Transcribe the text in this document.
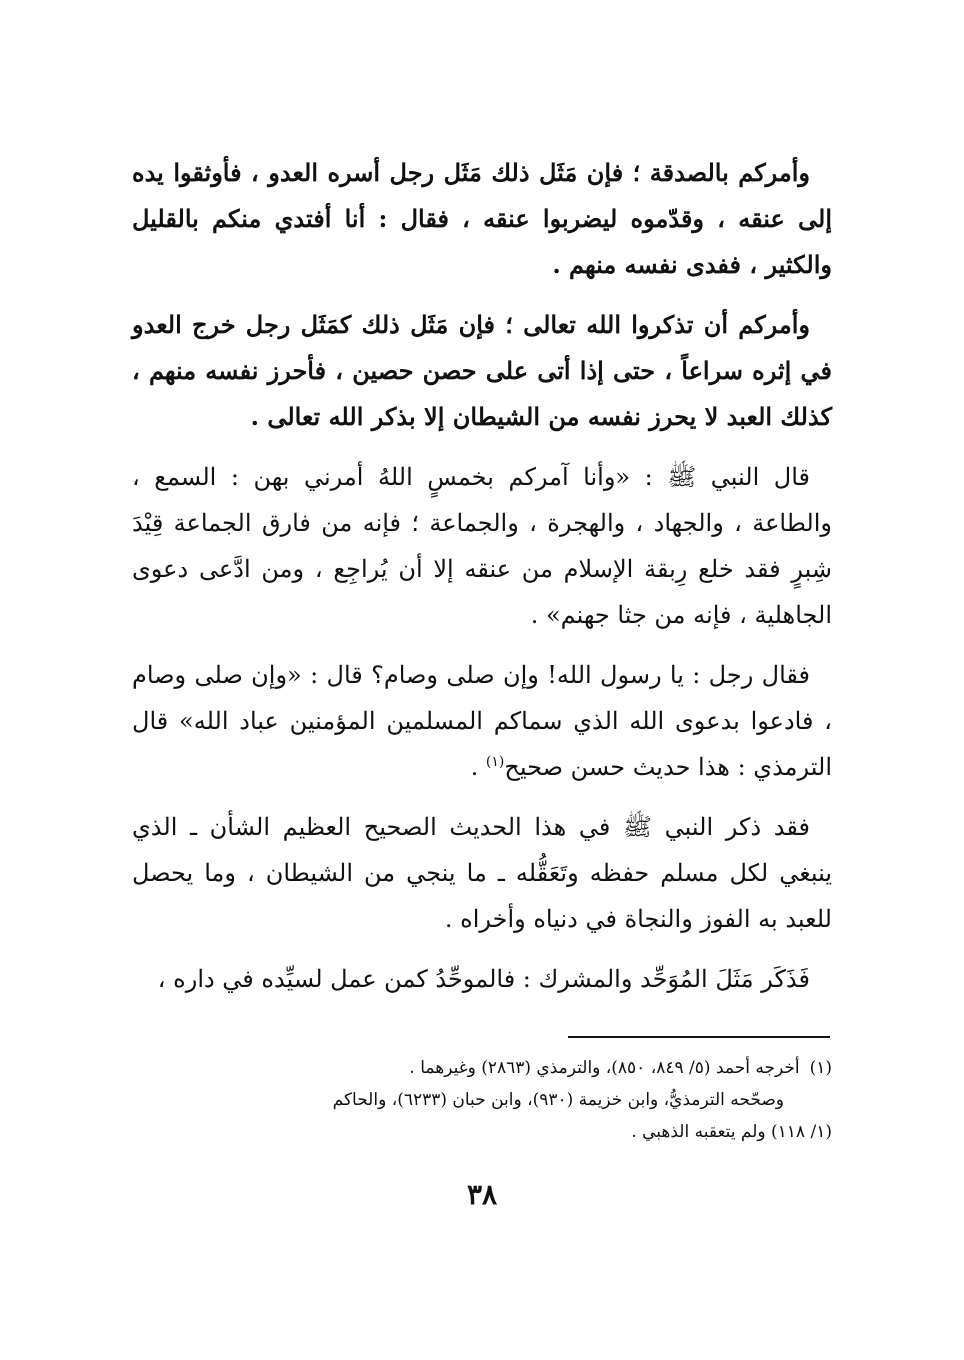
وأمركم بالصدقة ؛ فإن مَثَل ذلك مَثَل رجل أسره العدو ، فأوثقوا يده إلى عنقه ، وقدّموه ليضربوا عنقه ، فقال : أنا أفتدي منكم بالقليل والكثير ، ففدى نفسه منهم .

وأمركم أن تذكروا الله تعالى ؛ فإن مَثَل ذلك كمَثَل رجل خرج العدو في إثره سراعاً ، حتى إذا أتى على حصن حصين ، فأحرز نفسه منهم ، كذلك العبد لا يحرز نفسه من الشيطان إلا بذكر الله تعالى .

قال النبي ﷺ : «وأنا آمركم بخمسٍ اللهُ أمرني بهن : السمع ، والطاعة ، والجهاد ، والهجرة ، والجماعة ؛ فإنه من فارق الجماعة قِيْدَ شِبرٍ فقد خلع رِبقة الإسلام من عنقه إلا أن يُراجِع ، ومن ادَّعى دعوى الجاهلية ، فإنه من جثا جهنم» .

فقال رجل : يا رسول الله! وإن صلى وصام؟ قال : «وإن صلى وصام ، فادعوا بدعوى الله الذي سماكم المسلمين المؤمنين عباد الله» قال الترمذي : هذا حديث حسن صحيح$^{(١)}$ .

فقد ذكر النبي ﷺ في هذا الحديث الصحيح العظيم الشأن ـ الذي ينبغي لكل مسلم حفظه وتَعَقُّله ـ ما ينجي من الشيطان ، وما يحصل للعبد به الفوز والنجاة في دنياه وأخراه .

فَذَكَر مَثَلَ المُوَحِّد والمشرك : فالموحِّدُ كمن عمل لسيِّده في داره ،

(١)أخرجه أحمد (٥/ ٨٤٩، ٨٥٠)، والترمذي (٢٨٦٣) وغيرهما .

وصحّحه الترمذيُّ، وابن خزيمة (٩٣٠)، وابن حبان (٦٢٣٣)، والحاكم

(١/ ١١٨) ولم يتعقبه الذهبي .

٣٨
